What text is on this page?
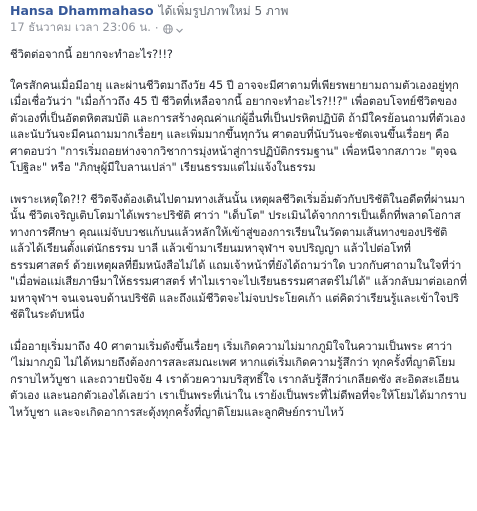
Hansa Dhammahaso ได้เพิ่มรูปภาพใหม่ 5 ภาพ
17 ธันวาคม เวลา 23:06 น. ·

ชีวิตต่อจากนี้ อยากจะทำอะไร?!!?

ใครสักคนเมื่อมีอายุ และผ่านชีวิตมาถึงวัย 45 ปี อาจจะมีศาตามที่เพียรพยายามถามตัวเองอยู่ทุกเมื่อเชื่อวันว่า "เมื่อก้าวถึง 45 ปี ชีวิตที่เหลือจากนี้ อยากจะทำอะไร?!!?" เพื่อตอบโจทย์ชีวิตของตัวเองที่เป็นอัตตหิตสมบัติ และการสร้างคุณค่าแก่ผู้อื่นที่เป็นปรหิตปฏิบัติ ถ้ามีใครย้อนถามที่ตัวเอง และนับวันจะมีคนถามมากเรื่อยๆ และเพิ่มมากขึ้นทุกวัน ศาตอบที่นับวันจะชัดเจนขึ้นเรื่อยๆ คือ ศาตอบว่า "การเริ่มถอยห่างจากวิชาการมุ่งหน้าสู่การปฏิบัติกรรมฐาน" เพื่อหนีจากสภาวะ "ตุจฉโปฐิละ" หรือ "ภิกษุผู้มีใบลานเปล่า" เรียนธรรมแต่ไม่แจ้งในธรรม

เพราะเหตุใด?!? ชีวิตจึงต้องเดินไปตามทางเส้นนั้น เหตุผลชีวิตเริ่มอิ่มตัวกับปริชัติในอดีตที่ผ่านมานั้น ชีวิตเจริญเติบโตมาได้เพราะปริชัติ ศาว่า "เด็บโต" ประเมินได้จากการเป็นเด็กที่พลาดโอกาสทางการศึกษา คุณแม่จับบวชแก้บนแล้วหลักให้เข้าสู่ของการเรียนในวัดตามเส้นทางของปริชัติ แล้วได้เรียนตั้งแต่นักธรรม บาลี แล้วเข้ามาเรียนมหาจุฬาฯ จบปริญญา แล้วไปต่อโทที่ธรรมศาสตร์ ด้วยเหตุผลที่ยืมหนังสือไม่ได้ แถมเจ้าหน้าที่ยังได้ถามว่าใด บวกกับศาถามในใจที่ว่า "เมื่อพ่อแม่เสียภาษีมาให้ธรรมศาสตร์ ทำไมเราจะไปเรียนธรรมศาสตร์ไม่ได้" แล้วกลับมาต่อเอกที่มหาจุฬาฯ จนเจนจบด้านปริชัติ และถึงแม้ชีวิตจะไม่จบประโยคเก้า แต่คิดว่าเรียนรู้และเข้าใจปริชัติในระดับหนึ่ง

เมื่ออายุเริ่มมาถึง 40 ศาตามเริ่มดังขึ้นเรื่อยๆ เริ่มเกิดความไม่มากภูมิใจในความเป็นพระ ศาว่า 'ไม่มากภูมิ ไม่ได้หมายถึงต้องการสละสมณะเพศ หากแต่เริ่มเกิดความรู้สึกว่า ทุกครั้งที่ญาติโยมกราบไหว้บูชา และถวายปัจจัย 4 เราด้วยความบริสุทธิ์ใจ เรากลับรู้สึกว่าเกลียดชัง สะอิดสะเอียนตัวเอง และนอกตัวเองได้เลยว่า เราเป็นพระที่เน่าใน เราย้งเป็นพระที่ไม่ดีพอที่จะให้โยมได้มากราบไหว้บูชา และจะเกิดอาการสะดุ้งทุกครั้งที่ญาติโยมและลูกศิษย์กราบไหว้
